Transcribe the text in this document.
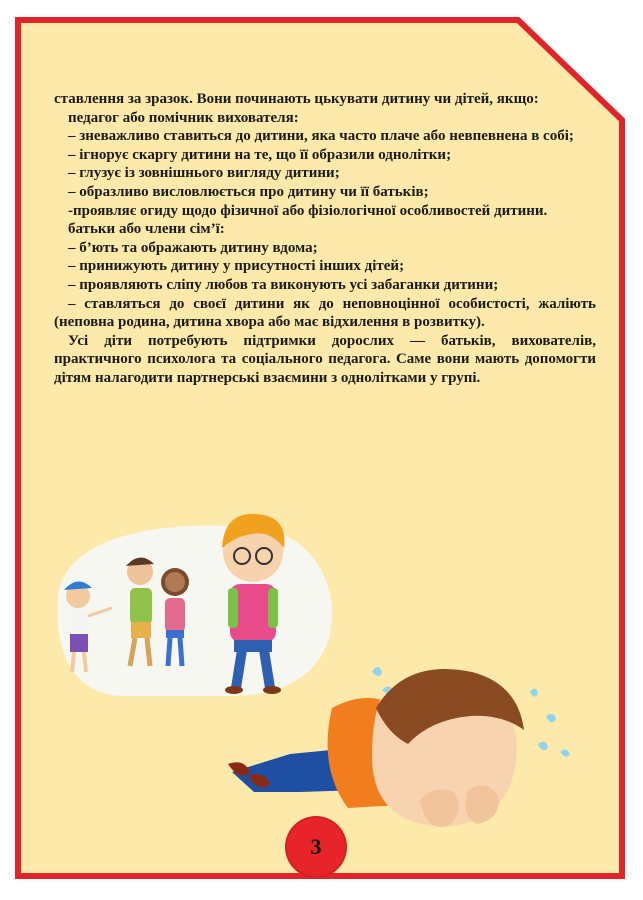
ставлення за зразок. Вони починають цькувати дитину чи дітей, якщо:

педагог або помічник вихователя:

– зневажливо ставиться до дитини, яка часто плаче або невпевнена в собі;

– ігнорує скаргу дитини на те, що її образили однолітки;

– глузує із зовнішнього вигляду дитини;

– образливо висловлюється про дитину чи її батьків;

-проявляє огиду щодо фізичної або фізіологічної особливостей дитини.

батьки або члени сім’ї:

– б’ють та ображають дитину вдома;

– принижують дитину у присутності інших дітей;

– проявляють сліпу любов та виконують усі забаганки дитини;

– ставляться до своєї дитини як до неповноцінної особистості, жаліють (неповна родина, дитина хвора або має відхилення в розвитку).

Усі діти потребують підтримки дорослих — батьків, вихователів, практичного психолога та соціального педагога. Саме вони мають допомогти дітям налагодити партнерські взаємини з однолітками у групі.

3
